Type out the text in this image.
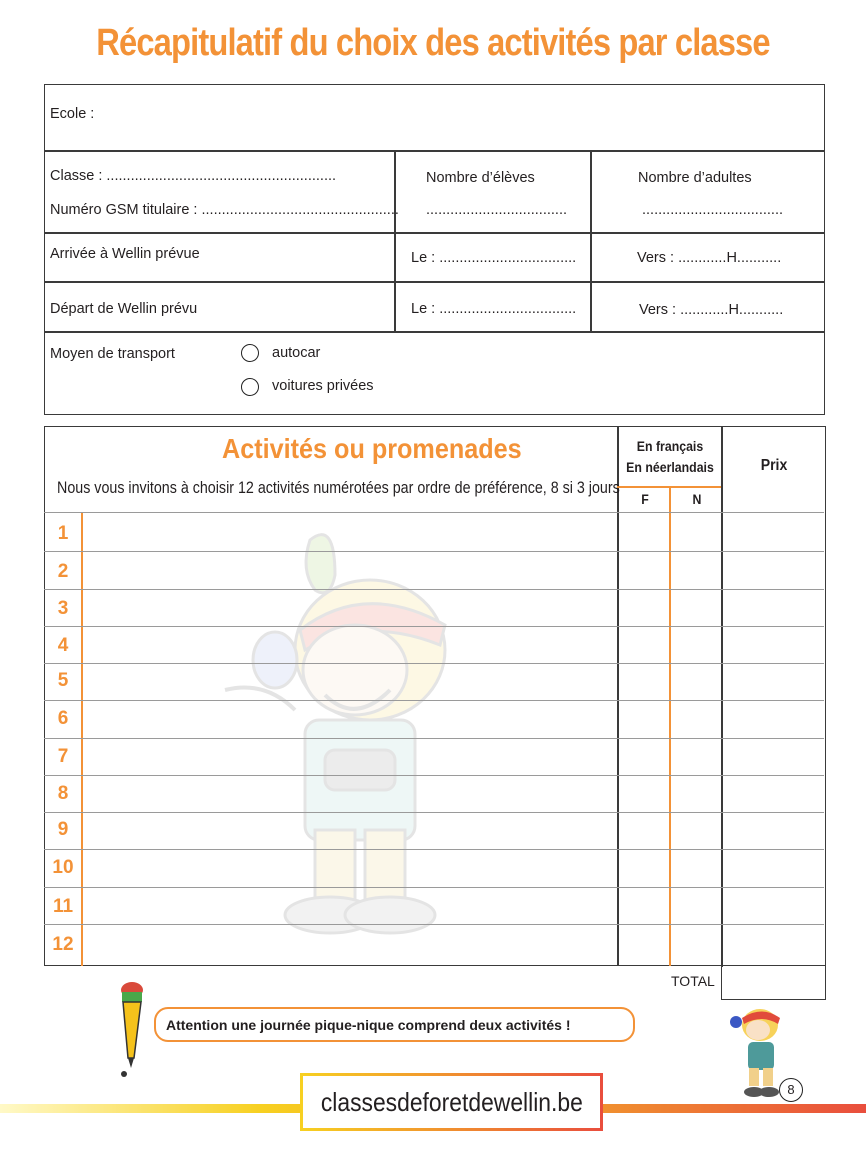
Récapitulatif du choix des activités par classe
Ecole :
Classe : .........................................................
Numéro GSM titulaire : .................................................
Nombre d’élèves
...................................
Nombre d’adultes
...................................
Arrivée à Wellin prévue	Le : ..................................	Vers : ............H...........
Départ de Wellin prévu	Le : ..................................	Vers : ............H...........
Moyen de transport	autocar
voitures privées
Activités ou promenades
Nous vous invitons à choisir 12 activités numérotées par ordre de préférence, 8 si 3 jours
En français
En néerlandais
F	N
Prix
1
2
3
4
5
6
7
8
9
10
11
12
TOTAL
Attention une journée pique-nique comprend deux activités !
classesdeforetdewellin.be	8
